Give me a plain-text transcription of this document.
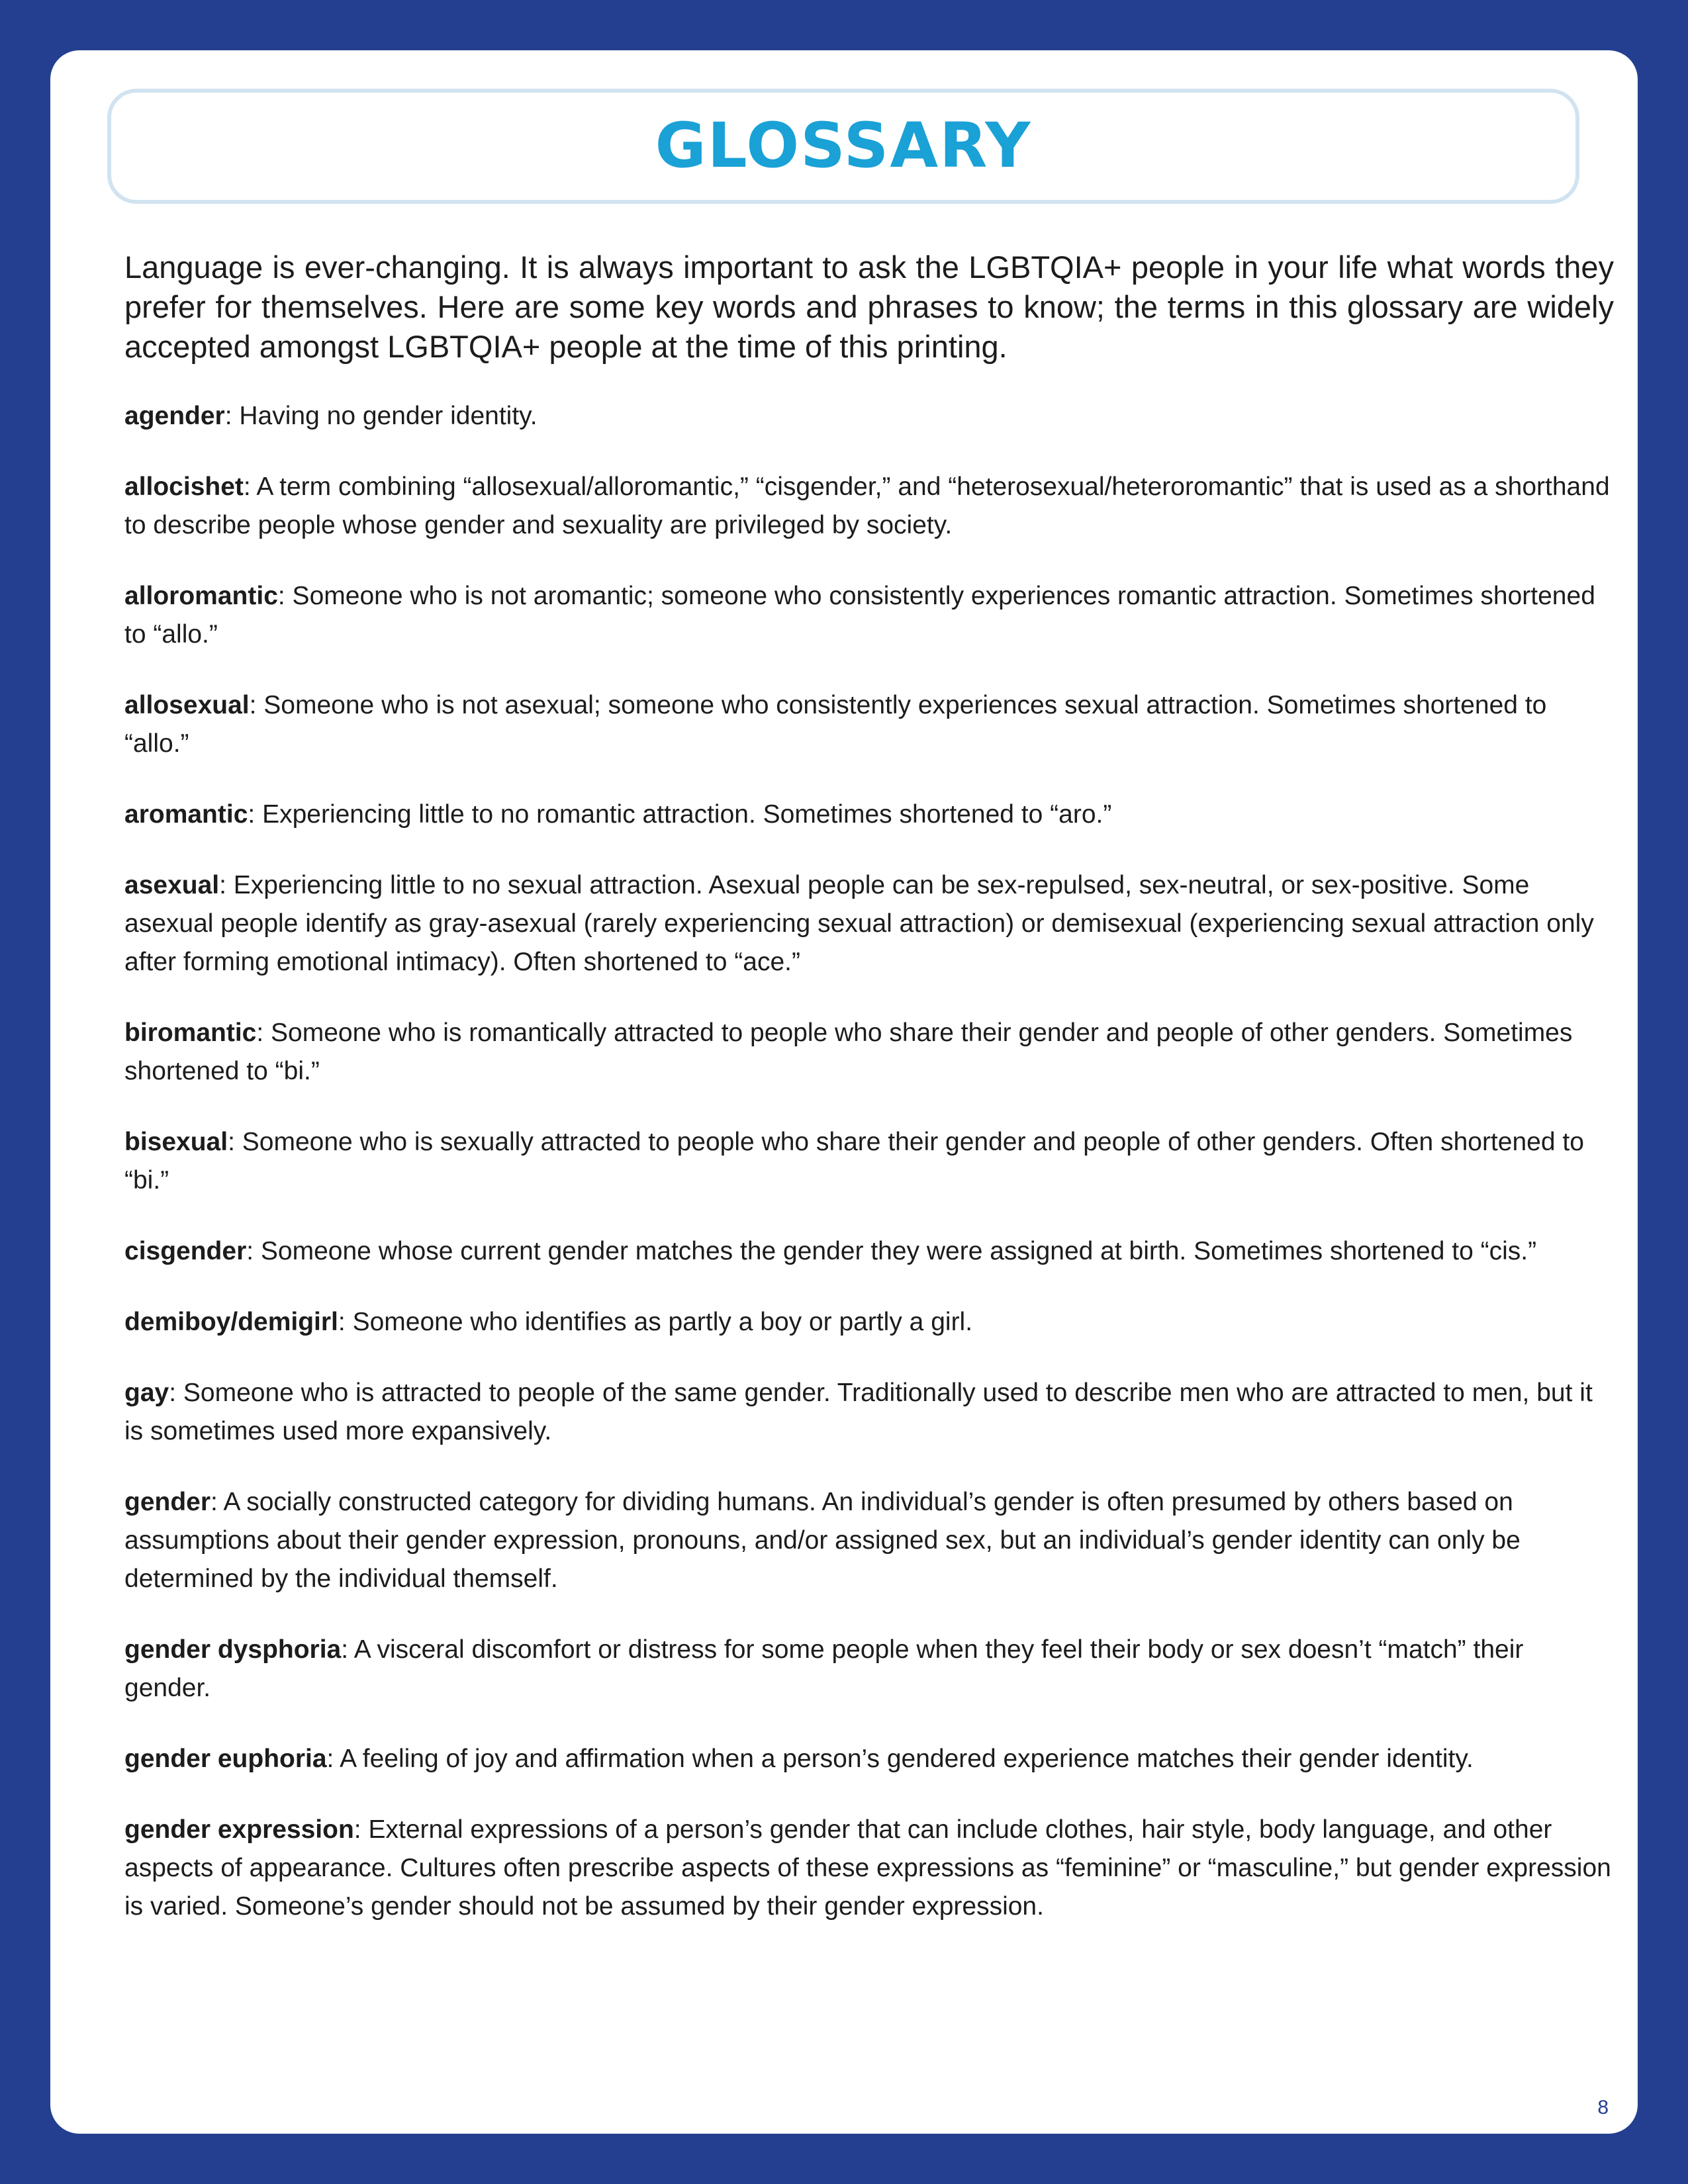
GLOSSARY

Language is ever-changing. It is always important to ask the LGBTQIA+ people in your life what words they prefer for themselves. Here are some key words and phrases to know; the terms in this glossary are widely accepted amongst LGBTQIA+ people at the time of this printing.

agender: Having no gender identity.

allocishet: A term combining “allosexual/alloromantic,” “cisgender,” and “heterosexual/heteroromantic” that is used as a shorthand to describe people whose gender and sexuality are privileged by society.

alloromantic: Someone who is not aromantic; someone who consistently experiences romantic attraction. Sometimes shortened to “allo.”

allosexual: Someone who is not asexual; someone who consistently experiences sexual attraction. Sometimes shortened to “allo.”

aromantic: Experiencing little to no romantic attraction. Sometimes shortened to “aro.”

asexual: Experiencing little to no sexual attraction. Asexual people can be sex-repulsed, sex-neutral, or sex-positive. Some asexual people identify as gray-asexual (rarely experiencing sexual attraction) or demisexual (experiencing sexual attraction only after forming emotional intimacy). Often shortened to “ace.”

biromantic: Someone who is romantically attracted to people who share their gender and people of other genders. Sometimes shortened to “bi.”

bisexual: Someone who is sexually attracted to people who share their gender and people of other genders. Often shortened to “bi.”

cisgender: Someone whose current gender matches the gender they were assigned at birth. Sometimes shortened to “cis.”

demiboy/demigirl: Someone who identifies as partly a boy or partly a girl.

gay: Someone who is attracted to people of the same gender. Traditionally used to describe men who are attracted to men, but it is sometimes used more expansively.

gender: A socially constructed category for dividing humans. An individual’s gender is often presumed by others based on assumptions about their gender expression, pronouns, and/or assigned sex, but an individual’s gender identity can only be determined by the individual themself.

gender dysphoria: A visceral discomfort or distress for some people when they feel their body or sex doesn’t “match” their gender.

gender euphoria: A feeling of joy and affirmation when a person’s gendered experience matches their gender identity.

gender expression: External expressions of a person’s gender that can include clothes, hair style, body language, and other aspects of appearance. Cultures often prescribe aspects of these expressions as “feminine” or “masculine,” but gender expression is varied. Someone’s gender should not be assumed by their gender expression.

8
